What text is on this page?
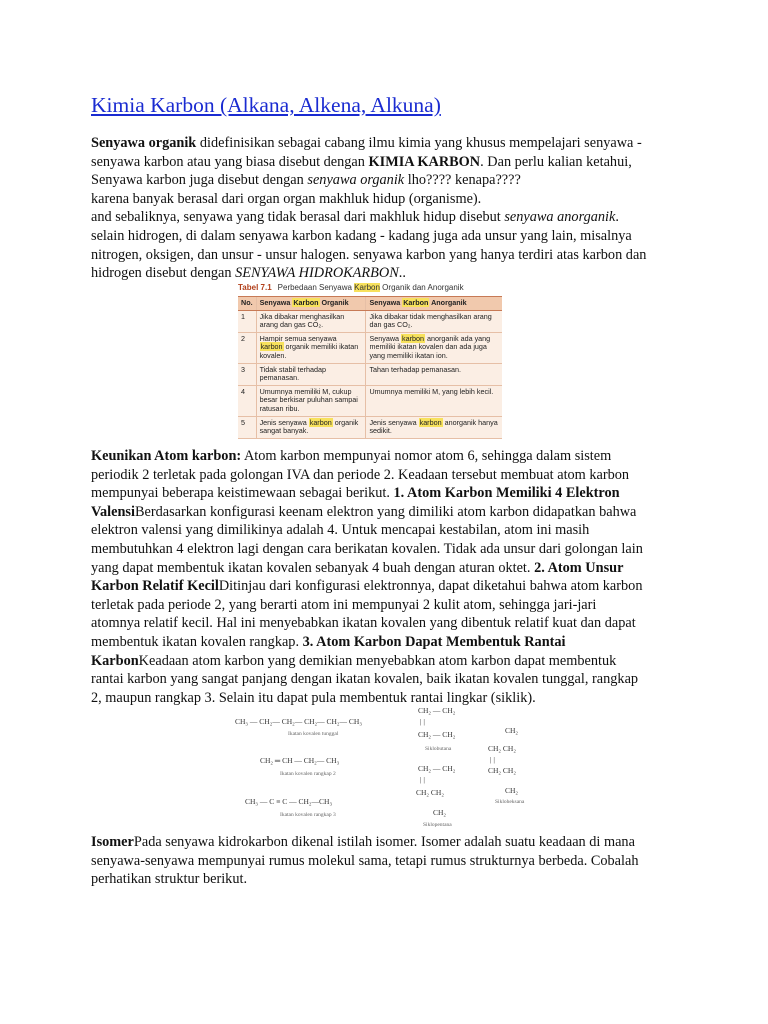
Kimia Karbon (Alkana, Alkena, Alkuna)

Senyawa organik didefinisikan sebagai cabang ilmu kimia yang khusus mempelajari senyawa -

senyawa karbon atau yang biasa disebut dengan KIMIA KARBON. Dan perlu kalian ketahui,

Senyawa karbon juga disebut dengan senyawa organik lho???? kenapa????

karena banyak berasal dari organ organ makhluk hidup (organisme).

and sebaliknya, senyawa yang tidak berasal dari makhluk hidup disebut senyawa anorganik.

selain hidrogen, di dalam senyawa karbon kadang - kadang juga ada unsur yang lain, misalnya

nitrogen, oksigen, dan unsur - unsur halogen. senyawa karbon yang hanya terdiri atas karbon dan

hidrogen disebut dengan SENYAWA HIDROKARBON..

Tabel 7.1 Perbedaan Senyawa Karbon Organik dan Anorganik
No.	Senyawa Karbon Organik	Senyawa Karbon Anorganik
1	Jika dibakar menghasilkan arang dan gas CO₂.	Jika dibakar tidak menghasilkan arang dan gas CO₂.
2	Hampir semua senyawa karbon organik memiliki ikatan kovalen.	Senyawa karbon anorganik ada yang memiliki ikatan kovalen dan ada juga yang memiliki ikatan ion.
3	Tidak stabil terhadap pemanasan.	Tahan terhadap pemanasan.
4	Umumnya memiliki M, cukup besar berkisar puluhan sampai ratusan ribu.	Umumnya memiliki M, yang lebih kecil.
5	Jenis senyawa karbon organik sangat banyak.	Jenis senyawa karbon anorganik hanya sedikit.

Keunikan Atom karbon: Atom karbon mempunyai nomor atom 6, sehingga dalam sistem

periodik 2 terletak pada golongan IVA dan periode 2. Keadaan tersebut membuat atom karbon

mempunyai beberapa keistimewaan sebagai berikut. 1. Atom Karbon Memiliki 4 Elektron

ValensiBerdasarkan konfigurasi keenam elektron yang dimiliki atom karbon didapatkan bahwa

elektron valensi yang dimilikinya adalah 4. Untuk mencapai kestabilan, atom ini masih

membutuhkan 4 elektron lagi dengan cara berikatan kovalen. Tidak ada unsur dari golongan lain

yang dapat membentuk ikatan kovalen sebanyak 4 buah dengan aturan oktet. 2. Atom Unsur

Karbon Relatif KecilDitinjau dari konfigurasi elektronnya, dapat diketahui bahwa atom karbon

terletak pada periode 2, yang berarti atom ini mempunyai 2 kulit atom, sehingga jari-jari

atomnya relatif kecil. Hal ini menyebabkan ikatan kovalen yang dibentuk relatif kuat dan dapat

membentuk ikatan kovalen rangkap. 3. Atom Karbon Dapat Membentuk Rantai

KarbonKeadaan atom karbon yang demikian menyebabkan atom karbon dapat membentuk

rantai karbon yang sangat panjang dengan ikatan kovalen, baik ikatan kovalen tunggal, rangkap

2, maupun rangkap 3. Selain itu dapat pula membentuk rantai lingkar (siklik).

CH₃ — CH₂— CH₂— CH₂— CH₂— CH₃
Ikatan kovalen tunggal
CH₂ ═ CH — CH₂— CH₃
Ikatan kovalen rangkap 2
CH₃ — C ≡ C — CH₂—CH₃
Ikatan kovalen rangkap 3
CH₂ — CH₂
| |
CH₂ — CH₂
Siklobutana
CH₂ — CH₂
| |
CH₂ CH₂
CH₂
Siklopentana
CH₂
CH₂ CH₂
| |
CH₂ CH₂
CH₂
Sikloheksana

IsomerPada senyawa kidrokarbon dikenal istilah isomer. Isomer adalah suatu keadaan di mana

senyawa-senyawa mempunyai rumus molekul sama, tetapi rumus strukturnya berbeda. Cobalah

perhatikan struktur berikut.
